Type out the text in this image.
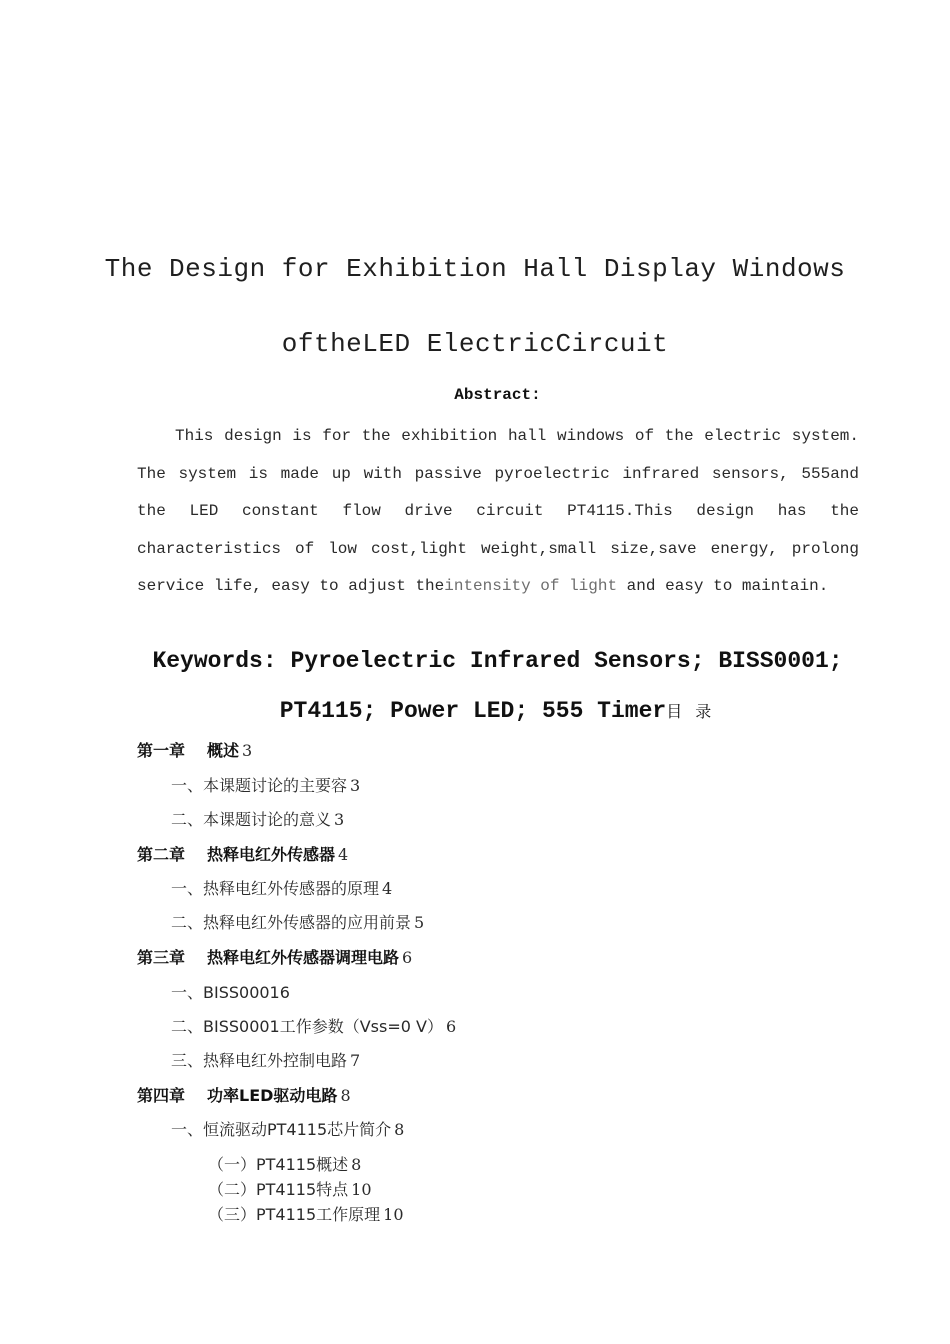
The Design for Exhibition Hall Display Windows
oftheLED ElectricCircuit
Abstract:
This design is for the exhibition hall windows of the electric system. The system is made up with passive pyroelectric infrared sensors, 555and the LED constant flow drive circuit PT4115.This design has the characteristics of low cost,light weight,small size,save energy, prolong service life, easy to adjust theintensity of light and easy to maintain.
Keywords: Pyroelectric Infrared Sensors; BISS0001;
PT4115; Power LED; 555 Timer目 录
第一章 概述 3
一、本课题讨论的主要容 3
二、本课题讨论的意义 3
第二章 热释电红外传感器 4
一、热释电红外传感器的原理 4
二、热释电红外传感器的应用前景 5
第三章 热释电红外传感器调理电路 6
一、BISS00016
二、BISS0001工作参数（Vss=0 V） 6
三、热释电红外控制电路 7
第四章 功率LED驱动电路 8
一、恒流驱动PT4115芯片简介 8
（一）PT4115概述 8
（二）PT4115特点 10
（三）PT4115工作原理 10
